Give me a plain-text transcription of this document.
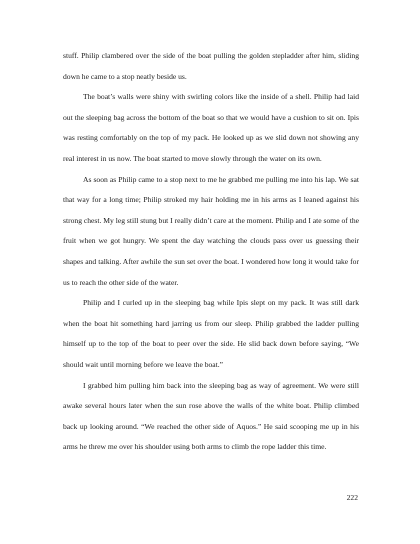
stuff. Philip clambered over the side of the boat pulling the golden stepladder after him, sliding down he came to a stop neatly beside us.

The boat’s walls were shiny with swirling colors like the inside of a shell. Philip had laid out the sleeping bag across the bottom of the boat so that we would have a cushion to sit on. Ipis was resting comfortably on the top of my pack. He looked up as we slid down not showing any real interest in us now. The boat started to move slowly through the water on its own.

As soon as Philip came to a stop next to me he grabbed me pulling me into his lap. We sat that way for a long time; Philip stroked my hair holding me in his arms as I leaned against his strong chest. My leg still stung but I really didn’t care at the moment. Philip and I ate some of the fruit when we got hungry. We spent the day watching the clouds pass over us guessing their shapes and talking. After awhile the sun set over the boat. I wondered how long it would take for us to reach the other side of the water.

Philip and I curled up in the sleeping bag while Ipis slept on my pack. It was still dark when the boat hit something hard jarring us from our sleep. Philip grabbed the ladder pulling himself up to the top of the boat to peer over the side. He slid back down before saying, “We should wait until morning before we leave the boat.”

I grabbed him pulling him back into the sleeping bag as way of agreement. We were still awake several hours later when the sun rose above the walls of the white boat. Philip climbed back up looking around. “We reached the other side of Aquos.” He said scooping me up in his arms he threw me over his shoulder using both arms to climb the rope ladder this time.

222
